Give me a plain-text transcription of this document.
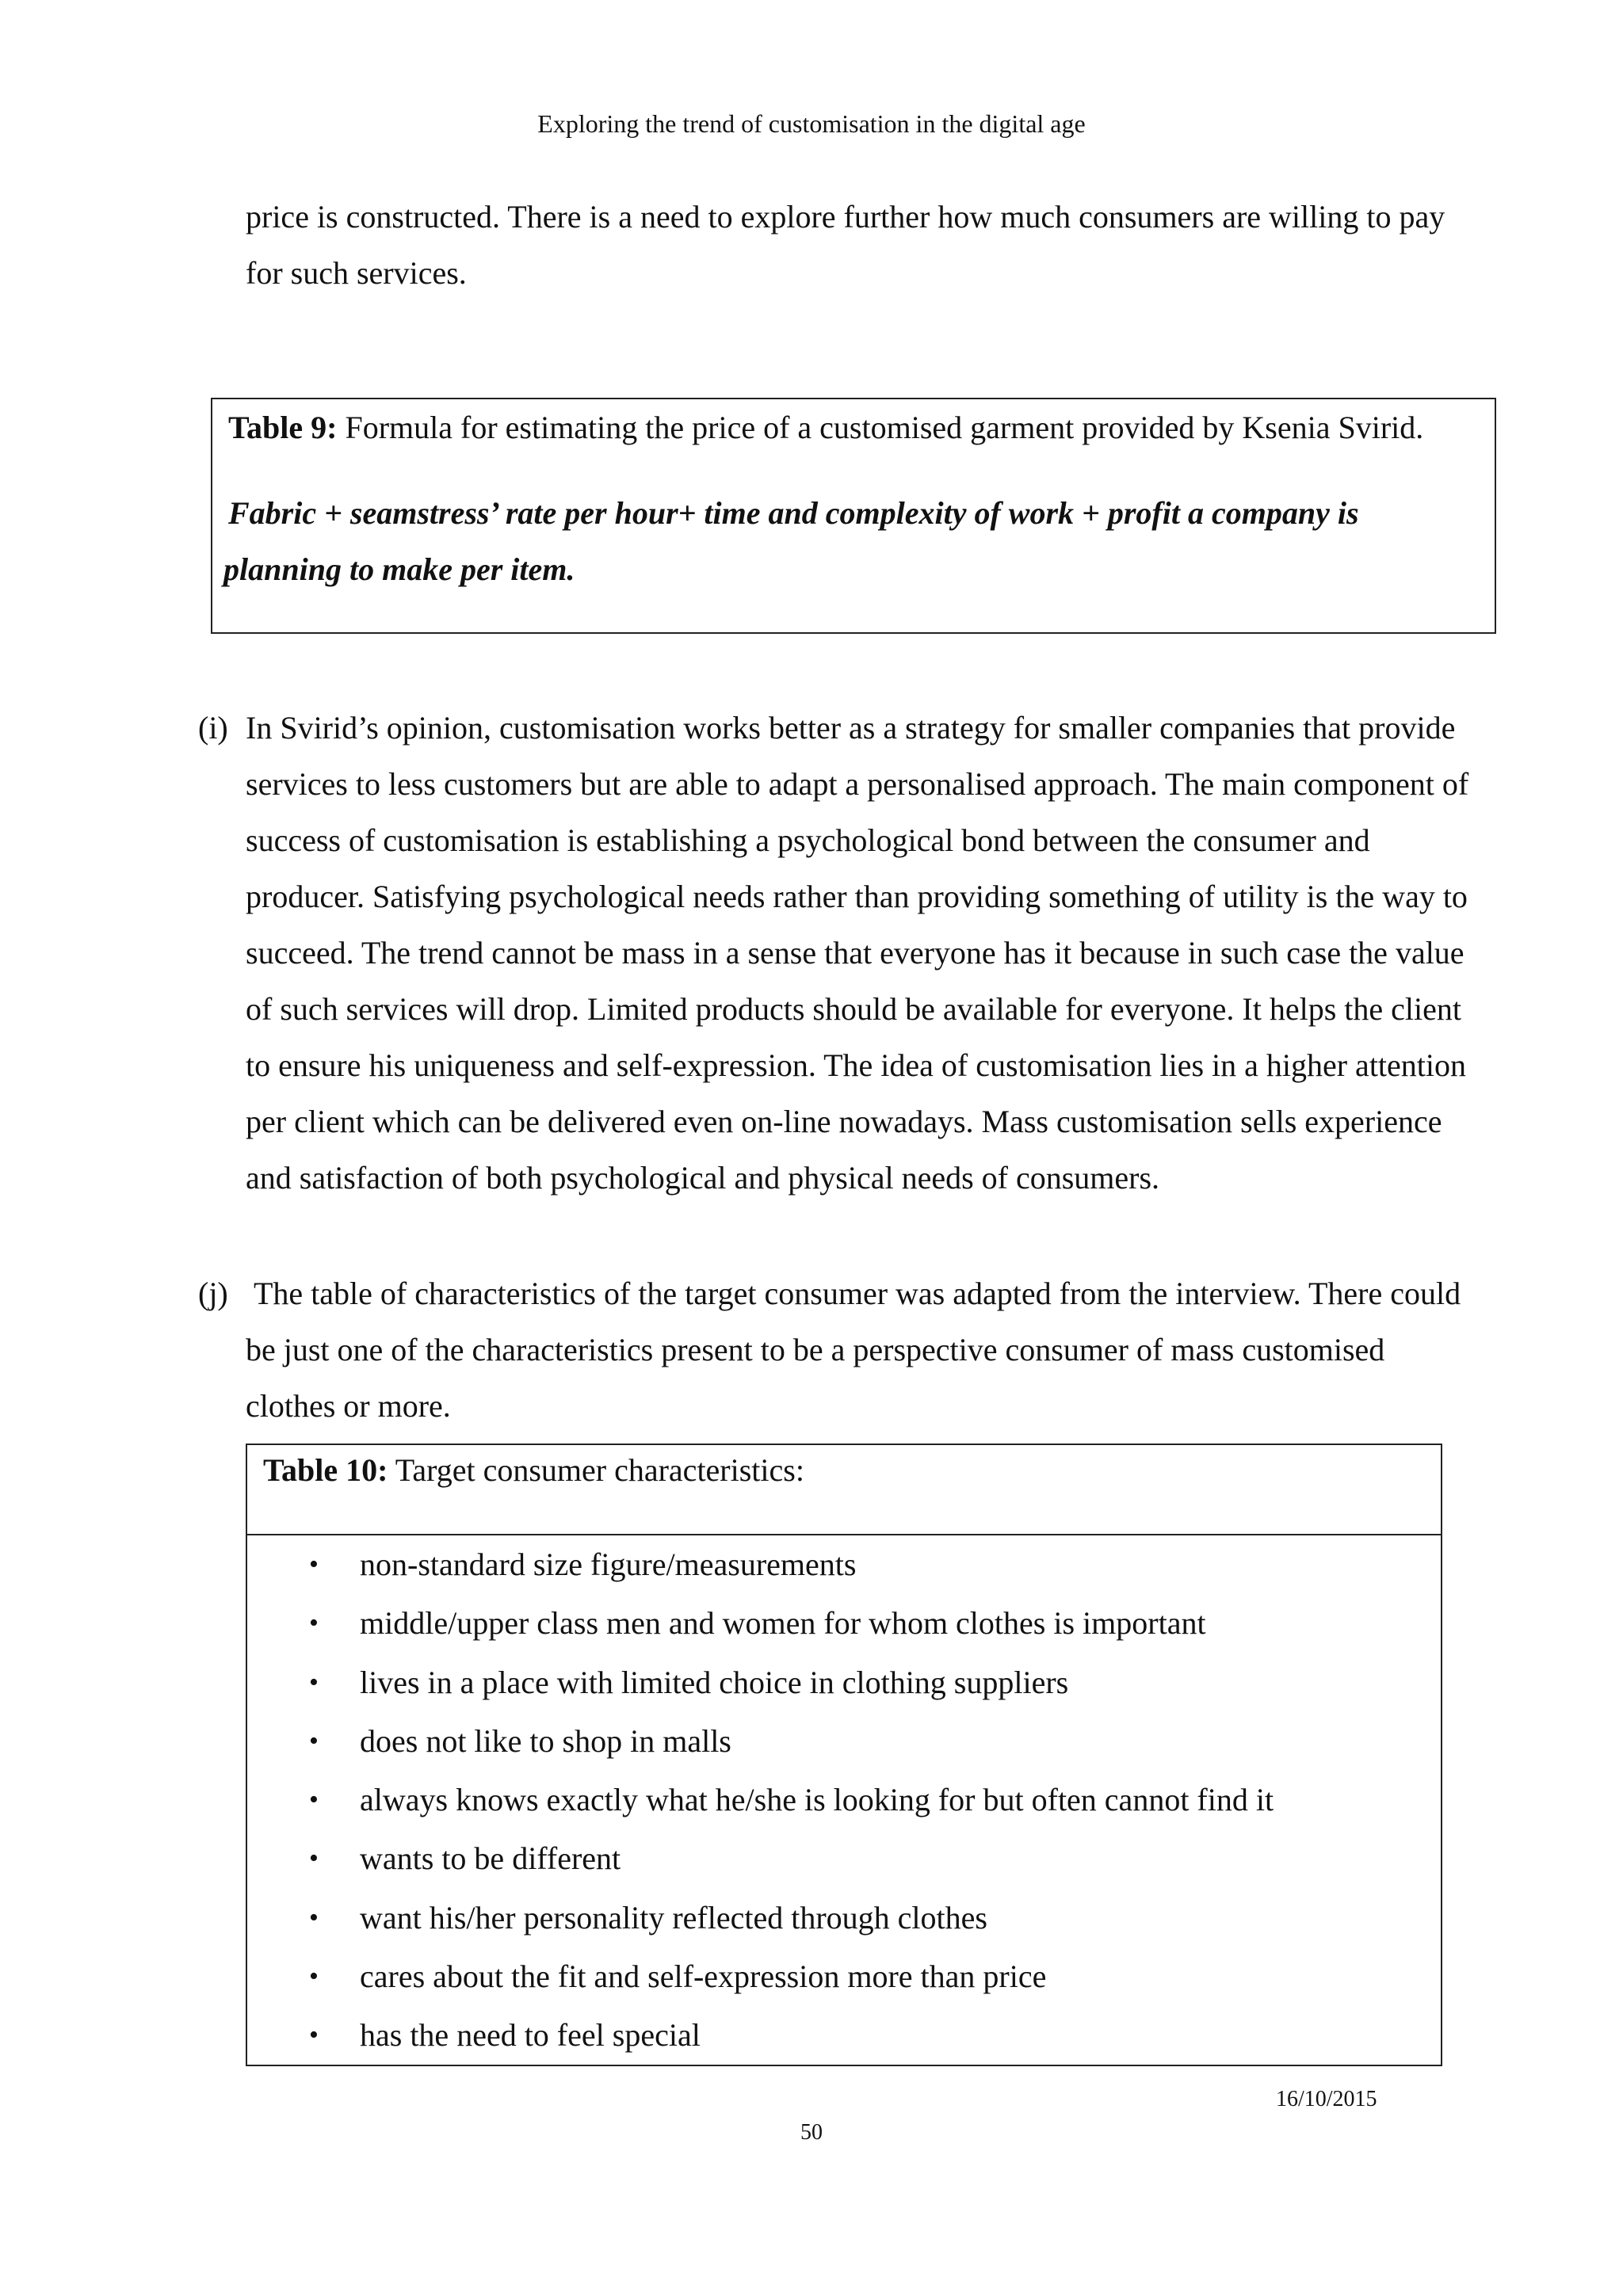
Exploring the trend of customisation in the digital age

price is constructed. There is a need to explore further how much consumers are willing to pay for such services.

Table 9: Formula for estimating the price of a customised garment provided by Ksenia Svirid.
Fabric + seamstress’ rate per hour+ time and complexity of work + profit a company is
planning to make per item.
(i) In Svirid’s opinion, customisation works better as a strategy for smaller companies that provide services to less customers but are able to adapt a personalised approach. The main component of success of customisation is establishing a psychological bond between the consumer and producer. Satisfying psychological needs rather than providing something of utility is the way to succeed. The trend cannot be mass in a sense that everyone has it because in such case the value of such services will drop. Limited products should be available for everyone. It helps the client to ensure his uniqueness and self-expression. The idea of customisation lies in a higher attention per client which can be delivered even on-line nowadays. Mass customisation sells experience and satisfaction of both psychological and physical needs of consumers.
(j) The table of characteristics of the target consumer was adapted from the interview. There could be just one of the characteristics present to be a perspective consumer of mass customised clothes or more.
Table 10: Target consumer characteristics:
• non-standard size figure/measurements
• middle/upper class men and women for whom clothes is important
• lives in a place with limited choice in clothing suppliers
• does not like to shop in malls
• always knows exactly what he/she is looking for but often cannot find it
• wants to be different
• want his/her personality reflected through clothes
• cares about the fit and self-expression more than price
• has the need to feel special
16/10/2015
50
